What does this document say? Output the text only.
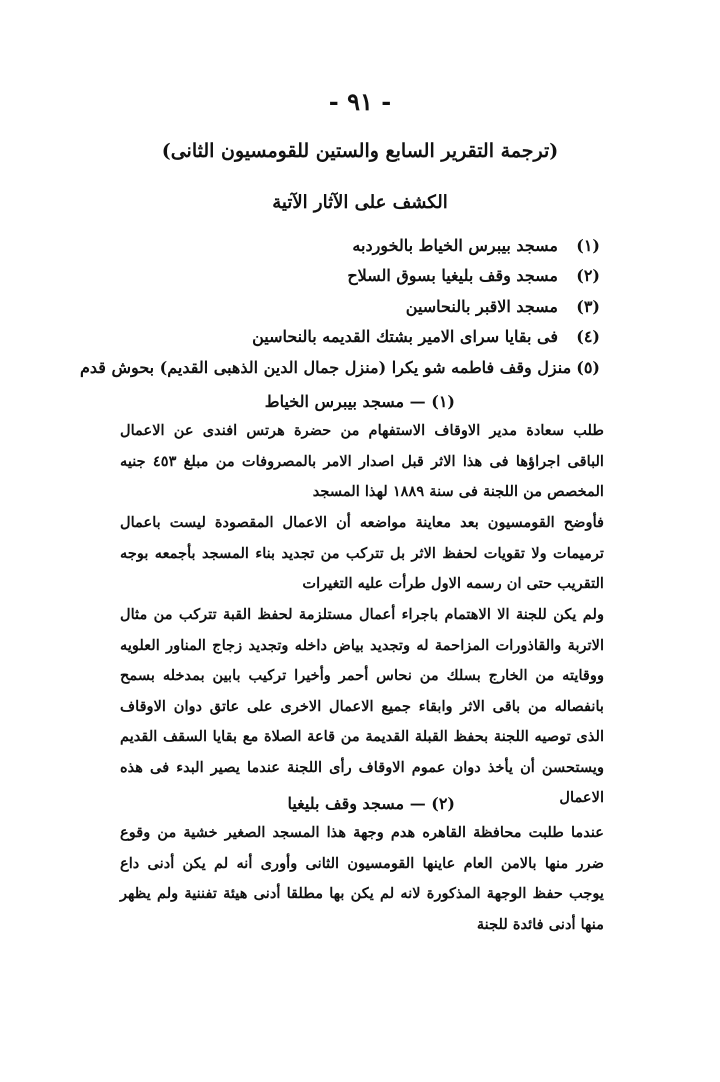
- ٩١ -
(ترجمة التقرير السابع والستين للقومسيون الثانى)
الكشف على الآثار الآتية
(١)
مسجد بيبرس الخياط بالخوردبه
(٢)
مسجد وقف بليغيا بسوق السلاح
(٣)
مسجد الاقبر بالنحاسين
(٤)
فى بقايا سراى الامير بشتك القديمه بالنحاسين
(٥)
منزل وقف فاطمه شو يكرا (منزل جمال الدين الذهبى القديم) بحوش قدم
(١) — مسجد بيبرس الخياط

طلب سعادة مدير الاوقاف الاستفهام من حضرة هرتس افندى عن الاعمال الباقى اجراؤها فى هذا الاثر قبل اصدار الامر بالمصروفات من مبلغ ٤٥٣ جنيه المخصص من اللجنة فى سنة ١٨٨٩ لهذا المسجد

فأوضح القومسيون بعد معاينة مواضعه أن الاعمال المقصودة ليست باعمال ترميمات ولا تقويات لحفظ الاثر بل تتركب من تجديد بناء المسجد بأجمعه بوجه التقريب حتى ان رسمه الاول طرأت عليه التغيرات

ولم يكن للجنة الا الاهتمام باجراء أعمال مستلزمة لحفظ القبة تتركب من مثال الاتربة والقاذورات المزاحمة له وتجديد بياض داخله وتجديد زجاج المناور العلويه ووقايته من الخارج بسلك من نحاس أحمر وأخيرا تركيب بابين بمدخله بسمح بانفصاله من باقى الاثر وابقاء جميع الاعمال الاخرى على عاتق دوان الاوقاف الذى توصيه اللجنة بحفظ القبلة القديمة من قاعة الصلاة مع بقايا السقف القديم ويستحسن أن يأخذ دوان عموم الاوقاف رأى اللجنة عندما يصير البدء فى هذه الاعمال

(٢) — مسجد وقف بليغيا

عندما طلبت محافظة القاهره هدم وجهة هذا المسجد الصغير خشية من وقوع ضرر منها بالامن العام عاينها القومسيون الثانى وأورى أنه لم يكن أدنى داع يوجب حفظ الوجهة المذكورة لانه لم يكن بها مطلقا أدنى هيئة تفننية ولم يظهر منها أدنى فائدة للجنة
